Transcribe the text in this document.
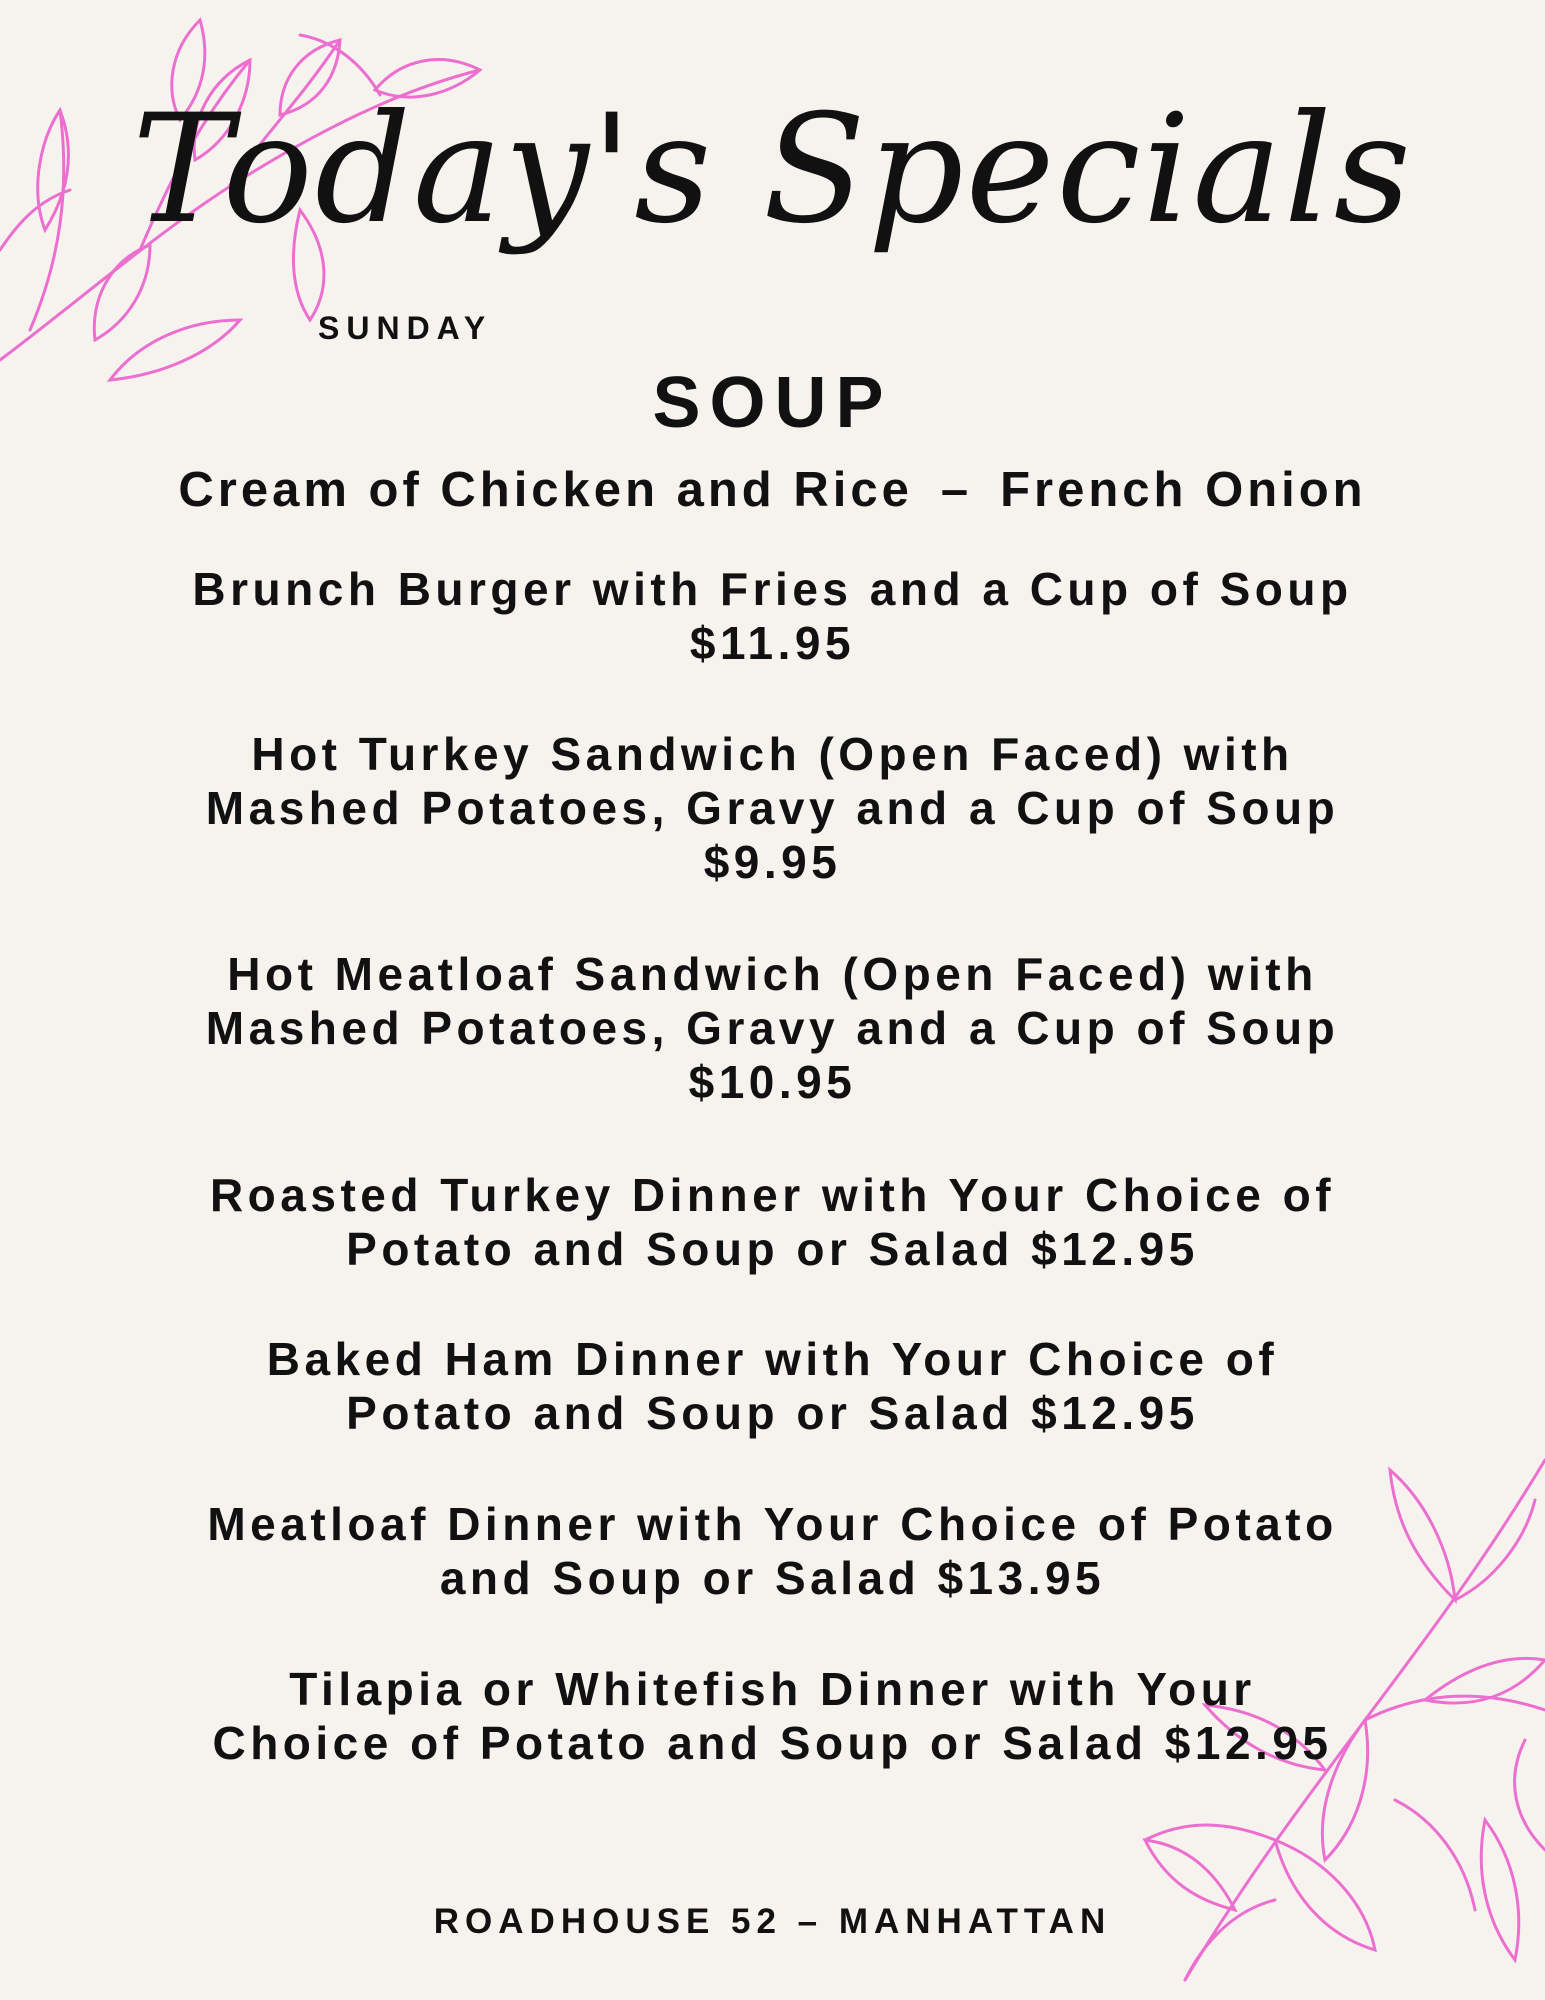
Today's Specials
SUNDAY
SOUP
Cream of Chicken and Rice – French Onion
Brunch Burger with Fries and a Cup of Soup
$11.95
Hot Turkey Sandwich (Open Faced) with
Mashed Potatoes, Gravy and a Cup of Soup
$9.95
Hot Meatloaf Sandwich (Open Faced) with
Mashed Potatoes, Gravy and a Cup of Soup
$10.95
Roasted Turkey Dinner with Your Choice of
Potato and Soup or Salad $12.95
Baked Ham Dinner with Your Choice of
Potato and Soup or Salad $12.95
Meatloaf Dinner with Your Choice of Potato
and Soup or Salad $13.95
Tilapia or Whitefish Dinner with Your
Choice of Potato and Soup or Salad $12.95
ROADHOUSE 52 – MANHATTAN
